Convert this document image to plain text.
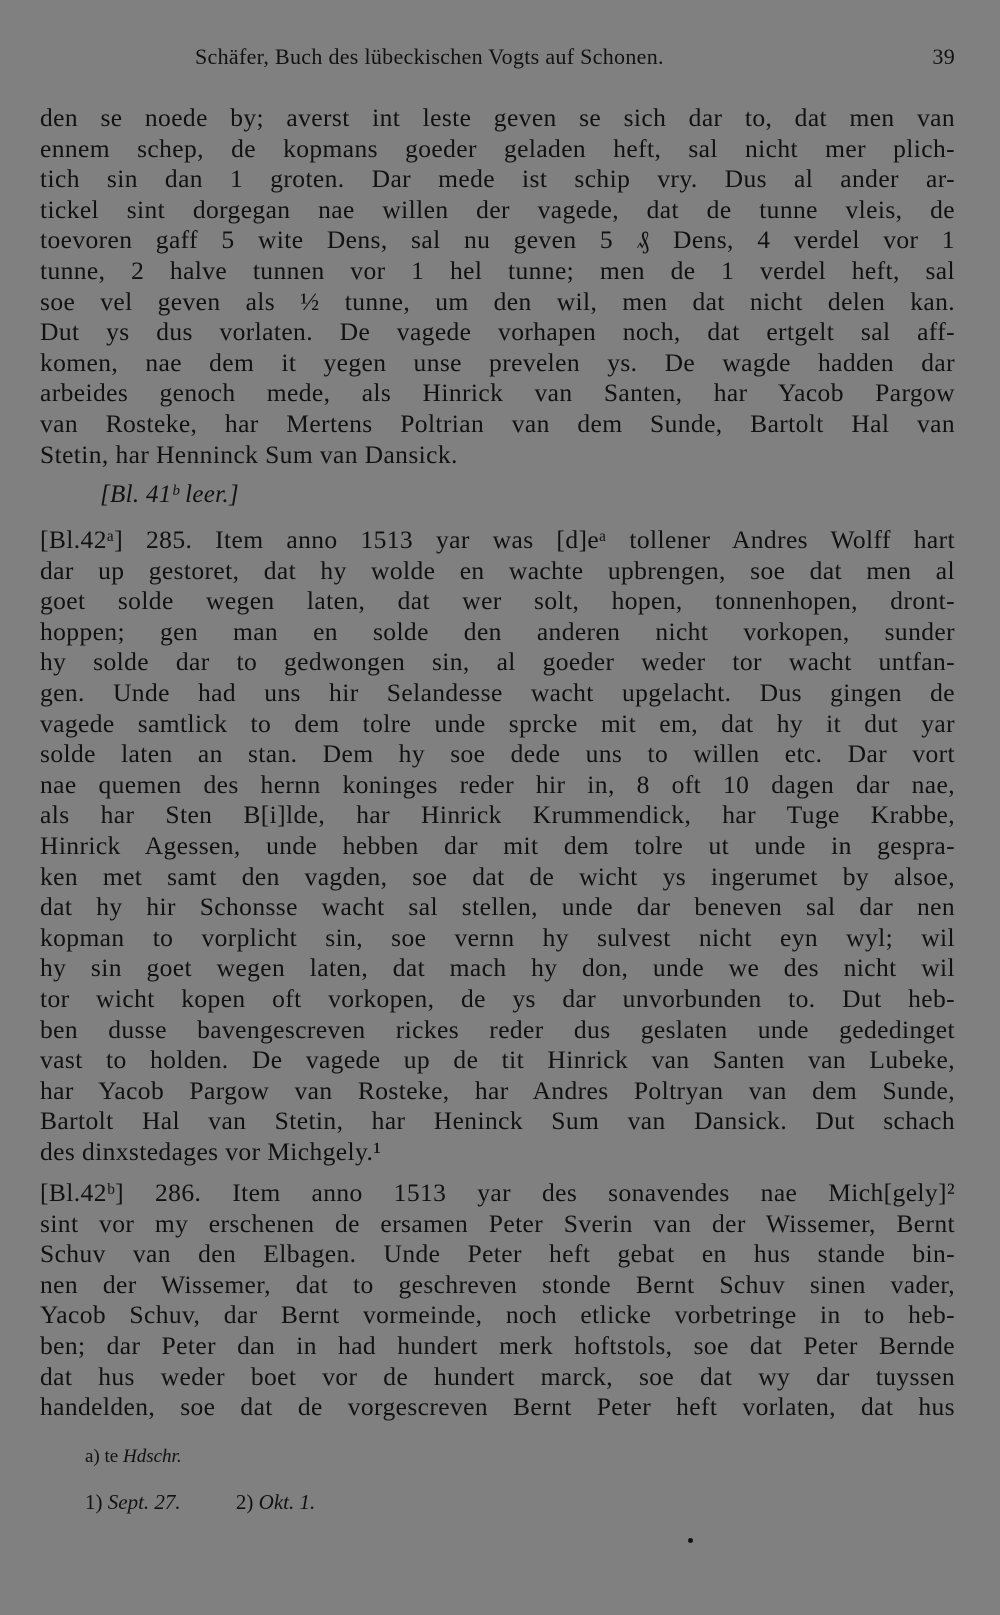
Schäfer, Buch des lübeckischen Vogts auf Schonen.	39
den se noede by; averst int leste geven se sich dar to, dat men van
ennem schep, de kopmans goeder geladen heft, sal nicht mer plich-
tich sin dan 1 groten. Dar mede ist schip vry. Dus al ander ar-
tickel sint dorgegan nae willen der vagede, dat de tunne vleis, de
toevoren gaff 5 wite Dens, sal nu geven 5 ₰ Dens, 4 verdel vor 1
tunne, 2 halve tunnen vor 1 hel tunne; men de 1 verdel heft, sal
soe vel geven als ½ tunne, um den wil, men dat nicht delen kan.
Dut ys dus vorlaten. De vagede vorhapen noch, dat ertgelt sal aff-
komen, nae dem it yegen unse prevelen ys. De wagde hadden dar
arbeides genoch mede, als Hinrick van Santen, har Yacob Pargow
van Rosteke, har Mertens Poltrian van dem Sunde, Bartolt Hal van
Stetin, har Henninck Sum van Dansick.
[Bl. 41ᵇ leer.]
[Bl.42ᵃ] 285. Item anno 1513 yar was [d]eᵃ tollener Andres Wolff hart
dar up gestoret, dat hy wolde en wachte upbrengen, soe dat men al
goet solde wegen laten, dat wer solt, hopen, tonnenhopen, dront-
hoppen; gen man en solde den anderen nicht vorkopen, sunder
hy solde dar to gedwongen sin, al goeder weder tor wacht untfan-
gen. Unde had uns hir Selandesse wacht upgelacht. Dus gingen de
vagede samtlick to dem tolre unde sprcke mit em, dat hy it dut yar
solde laten an stan. Dem hy soe dede uns to willen etc. Dar vort
nae quemen des hernn koninges reder hir in, 8 oft 10 dagen dar nae,
als har Sten B[i]lde, har Hinrick Krummendick, har Tuge Krabbe,
Hinrick Agessen, unde hebben dar mit dem tolre ut unde in gespra-
ken met samt den vagden, soe dat de wicht ys ingerumet by alsoe,
dat hy hir Schonsse wacht sal stellen, unde dar beneven sal dar nen
kopman to vorplicht sin, soe vernn hy sulvest nicht eyn wyl; wil
hy sin goet wegen laten, dat mach hy don, unde we des nicht wil
tor wicht kopen oft vorkopen, de ys dar unvorbunden to. Dut heb-
ben dusse bavengescreven rickes reder dus geslaten unde gededinget
vast to holden. De vagede up de tit Hinrick van Santen van Lubeke,
har Yacob Pargow van Rosteke, har Andres Poltryan van dem Sunde,
Bartolt Hal van Stetin, har Heninck Sum van Dansick. Dut schach
des dinxstedages vor Michgely.¹
[Bl.42ᵇ] 286. Item anno 1513 yar des sonavendes nae Mich[gely]²
sint vor my erschenen de ersamen Peter Sverin van der Wissemer, Bernt
Schuv van den Elbagen. Unde Peter heft gebat en hus stande bin-
nen der Wissemer, dat to geschreven stonde Bernt Schuv sinen vader,
Yacob Schuv, dar Bernt vormeinde, noch etlicke vorbetringe in to heb-
ben; dar Peter dan in had hundert merk hoftstols, soe dat Peter Bernde
dat hus weder boet vor de hundert marck, soe dat wy dar tuyssen
handelden, soe dat de vorgescreven Bernt Peter heft vorlaten, dat hus
a) te Hdschr.
1) Sept. 27.	2) Okt. 1.
